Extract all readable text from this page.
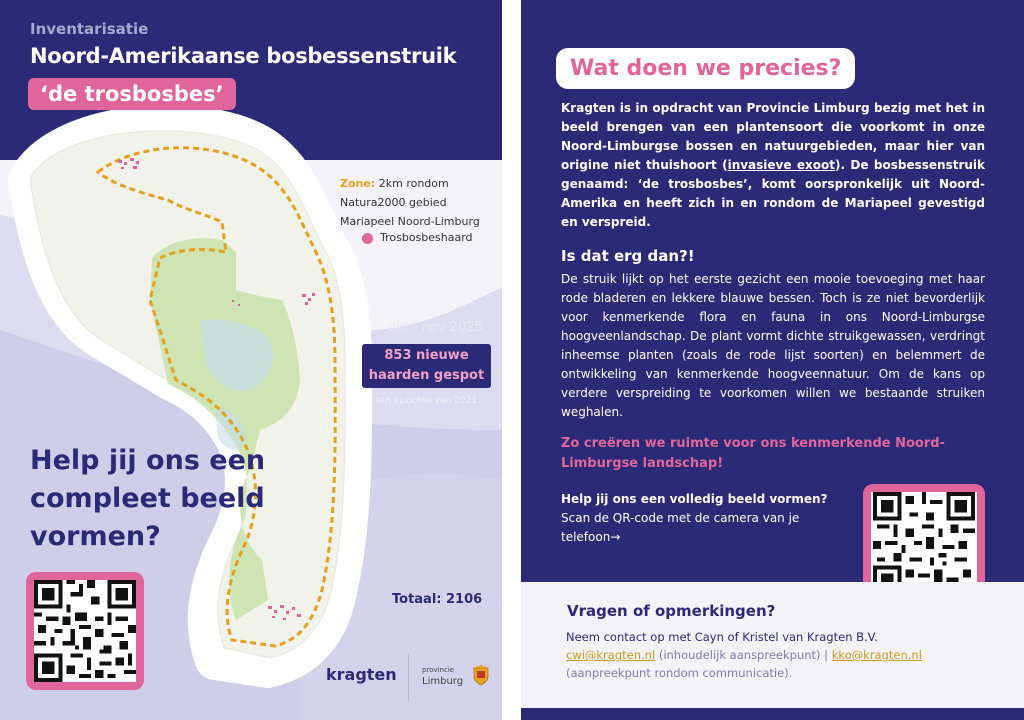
Inventarisatie
Noord-Amerikaanse bosbessenstruik
‘de trosbosbes’
Zone: 2km rondom
Natura2000 gebied
Mariapeel Noord-Limburg
Trosbosbeshaard
okt - nov 2025
853 nieuwe
haarden gespot
ten opzichte van 2021
Help jij ons een compleet beeld vormen?
Totaal: 2106
kragten	provincie
Limburg
Wat doen we precies?
Kragten is in opdracht van Provincie Limburg bezig met het in beeld brengen van een plantensoort die voorkomt in onze Noord-Limburgse bossen en natuurgebieden, maar hier van origine niet thuishoort (invasieve exoot). De bosbessenstruik genaamd: ‘de trosbosbes’, komt oorspronkelijk uit Noord-Amerika en heeft zich in en rondom de Mariapeel gevestigd en verspreid.
Is dat erg dan?!
De struik lijkt op het eerste gezicht een mooie toevoeging met haar rode bladeren en lekkere blauwe bessen. Toch is ze niet bevorderlijk voor kenmerkende flora en fauna in ons Noord-Limburgse hoogveenlandschap. De plant vormt dichte struikgewassen, verdringt inheemse planten (zoals de rode lijst soorten) en belemmert de ontwikkeling van kenmerkende hoogveennatuur. Om de kans op verdere verspreiding te voorkomen willen we bestaande struiken weghalen.
Zo creëren we ruimte voor ons kenmerkende Noord-Limburgse landschap!
Help jij ons een volledig beeld vormen? Scan de QR-code met de camera van je telefoon→
Vragen of opmerkingen?
Neem contact op met Cayn of Kristel van Kragten B.V.
cwi@kragten.nl (inhoudelijk aanspreekpunt) | kko@kragten.nl
(aanpreekpunt rondom communicatie).
